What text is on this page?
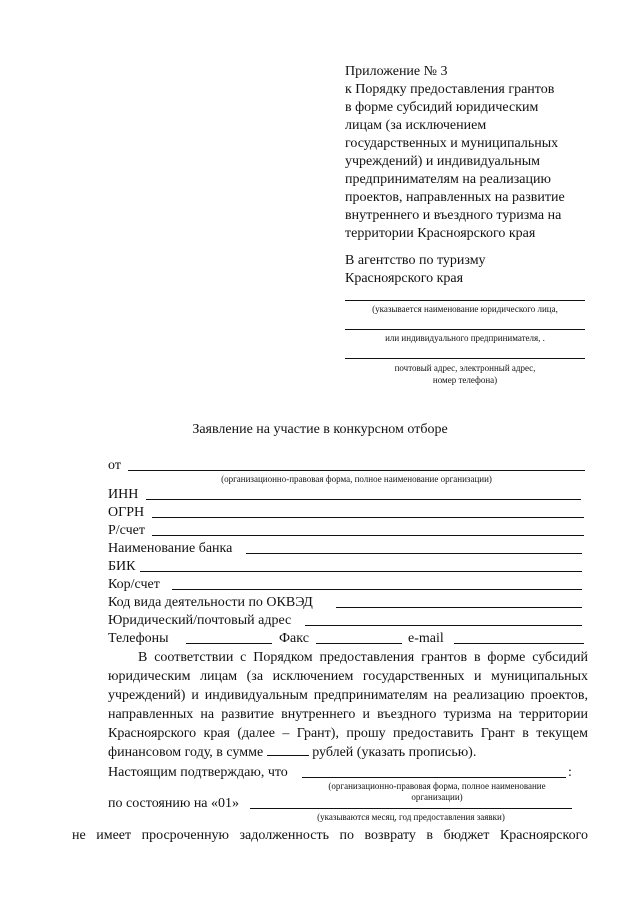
Приложение № 3
к Порядку предоставления грантов
в форме субсидий юридическим
лицам (за исключением
государственных и муниципальных
учреждений) и индивидуальным
предпринимателям на реализацию
проектов, направленных на развитие
внутреннего и въездного туризма на
территории Красноярского края
В агентство по туризму
Красноярского края
(указывается наименование юридического лица,
или индивидуального предпринимателя, .
почтовый адрес, электронный адрес,
номер телефона)
Заявление на участие в конкурсном отборе
от
(организационно-правовая форма, полное наименование организации)
ИНН
ОГРН
Р/счет
Наименование банка
БИК
Кор/счет
Код вида деятельности по ОКВЭД
Юридический/почтовый адрес
Телефоны	Факс	e-mail
В соответствии с Порядком предоставления грантов в форме субсидий юридическим лицам (за исключением государственных и муниципальных учреждений) и индивидуальным предпринимателям на реализацию проектов, направленных на развитие внутреннего и въездного туризма на территории Красноярского края (далее – Грант), прошу предоставить Грант в текущем финансовом году, в сумме	рублей (указать прописью).
Настоящим подтверждаю, что	:
(организационно-правовая форма, полное наименование организации)
по состоянию на «01»
(указываются месяц, год предоставления заявки)
не имеет просроченную задолженность по возврату в бюджет Красноярского
